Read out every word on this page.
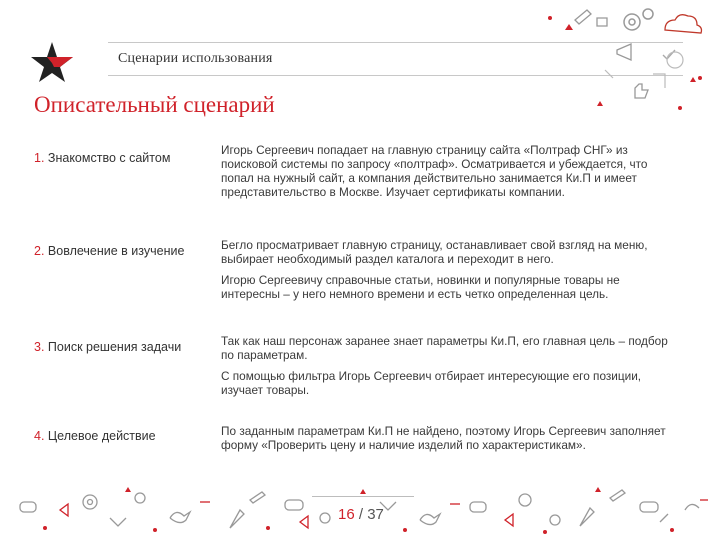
Сценарии использования
Описательный сценарий
1. Знакомство с сайтом

Игорь Сергеевич попадает на главную страницу сайта «Полтраф СНГ» из поисковой системы по запросу «полтраф». Осматривается и убеждается, что попал на нужный сайт, а компания действительно занимается Ки.П и имеет представительство в Москве. Изучает сертификаты компании.

2. Вовлечение в изучение	Бегло просматривает главную страницу, останавливает свой взгляд на меню, выбирает необходимый раздел каталога и переходит в него.

Игорю Сергеевичу справочные статьи, новинки и популярные товары не интересны – у него немного времени и есть четко определенная цель.

3. Поиск решения задачи	Так как наш персонаж заранее знает параметры Ки.П, его главная цель – подбор по параметрам.

С помощью фильтра Игорь Сергеевич отбирает интересующие его позиции, изучает товары.

4. Целевое действие	По заданным параметрам Ки.П не найдено, поэтому Игорь Сергеевич заполняет форму «Проверить цену и наличие изделий по характеристикам».

16 / 37
